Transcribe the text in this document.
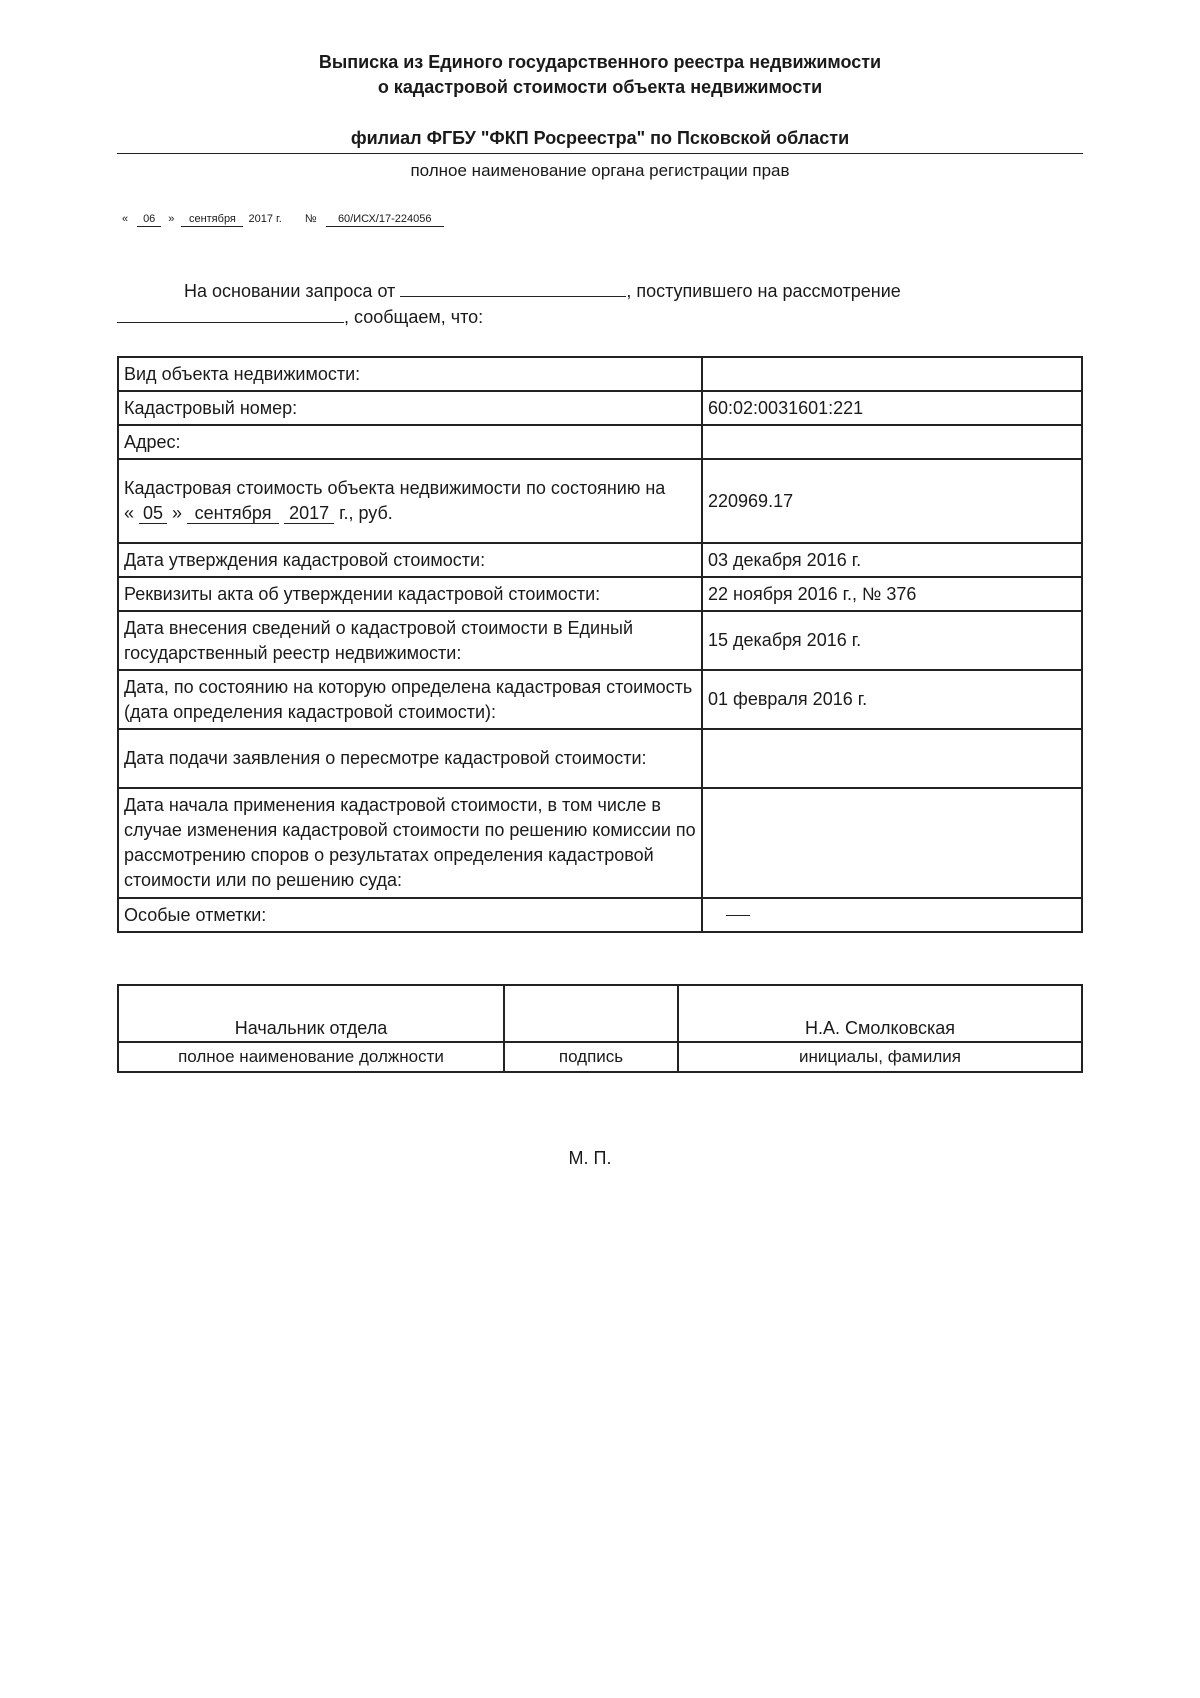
Выписка из Единого государственного реестра недвижимости
о кадастровой стоимости объекта недвижимости
филиал ФГБУ "ФКП Росреестра" по Псковской области
полное наименование органа регистрации прав
« 06 » сентября 2017 г. № 60/ИСХ/17-224056
На основании запроса от	, поступившего на рассмотрение
, сообщаем, что:
Вид объекта недвижимости:	
Кадастровый номер:	60:02:0031601:221
Адрес:	
Кадастровая стоимость объекта недвижимости по состоянию на
« 05 » сентября 2017 г., руб.	220969.17
Дата утверждения кадастровой стоимости:	03 декабря 2016 г.
Реквизиты акта об утверждении кадастровой стоимости:	22 ноября 2016 г., № 376
Дата внесения сведений о кадастровой стоимости в Единый государственный реестр недвижимости:	15 декабря 2016 г.
Дата, по состоянию на которую определена кадастровая стоимость (дата определения кадастровой стоимости):	01 февраля 2016 г.
Дата подачи заявления о пересмотре кадастровой стоимости:	
Дата начала применения кадастровой стоимости, в том числе в случае изменения кадастровой стоимости по решению комиссии по рассмотрению споров о результатах определения кадастровой стоимости или по решению суда:	
Особые отметки:	
Начальник отдела		Н.А. Смолковская
полное наименование должности	подпись	инициалы, фамилия
М. П.
